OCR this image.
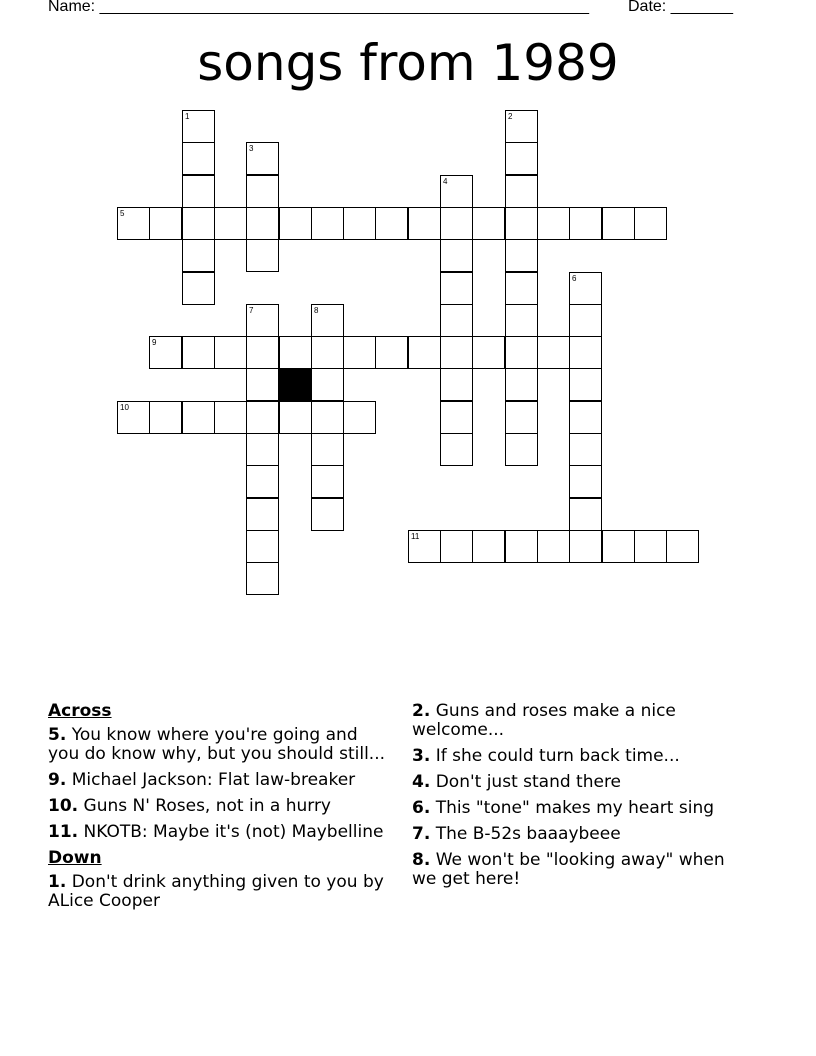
Name: _______________________________________________________ Date: _______
songs from 1989
1	2
3
4
5
6
7	8
9
10
11
Across
5. You know where you're going and you do know why, but you should still...
9. Michael Jackson: Flat law-breaker
10. Guns N' Roses, not in a hurry
11. NKOTB: Maybe it's (not) Maybelline
Down
1. Don't drink anything given to you by ALice Cooper
2. Guns and roses make a nice welcome...
3. If she could turn back time...
4. Don't just stand there
6. This "tone" makes my heart sing
7. The B-52s baaaybeee
8. We won't be "looking away" when we get here!
